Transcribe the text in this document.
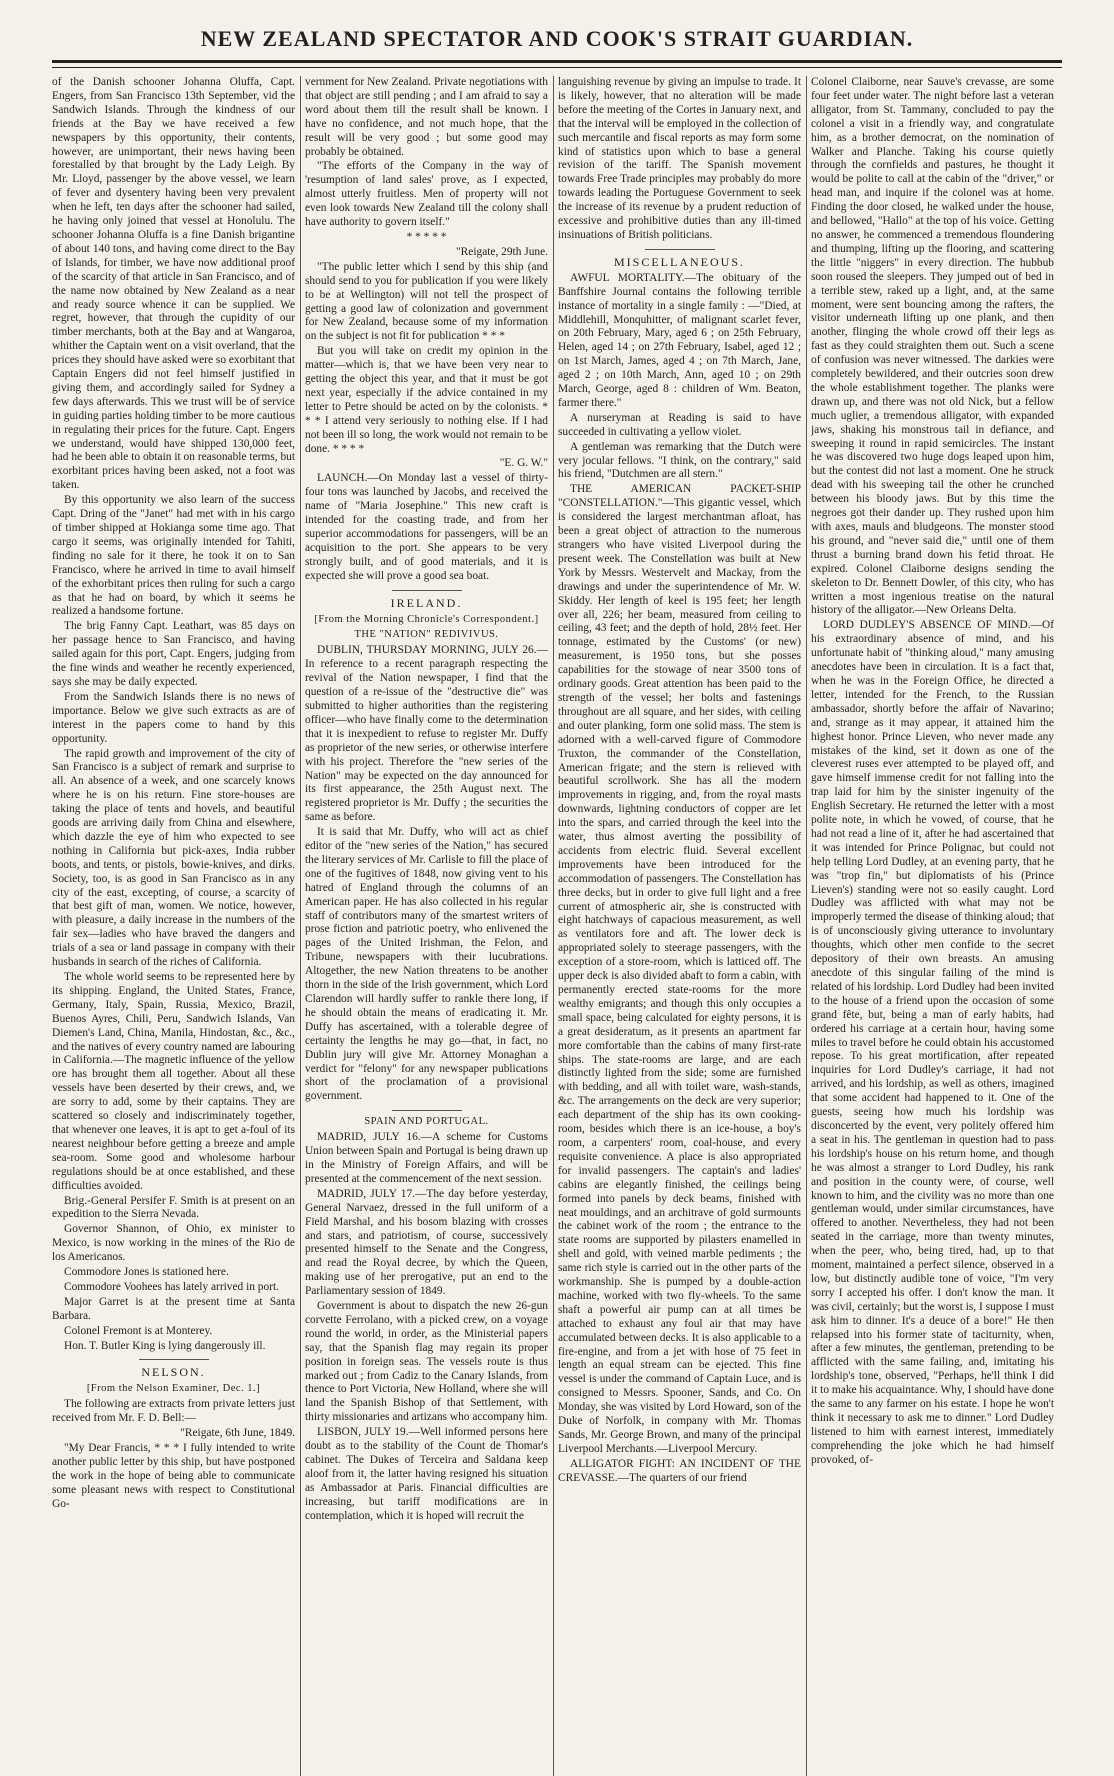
NEW ZEALAND SPECTATOR AND COOK'S STRAIT GUARDIAN.

of the Danish schooner Johanna Oluffa, Capt. Engers, from San Francisco 13th September, vid the Sandwich Islands. Through the kindness of our friends at the Bay we have received a few newspapers by this opportunity, their contents, however, are unimportant, their news having been forestalled by that brought by the Lady Leigh. By Mr. Lloyd, passenger by the above vessel, we learn of fever and dysentery having been very prevalent when he left, ten days after the schooner had sailed, he having only joined that vessel at Honolulu. The schooner Johanna Oluffa is a fine Danish brigantine of about 140 tons, and having come direct to the Bay of Islands, for timber, we have now additional proof of the scarcity of that article in San Francisco, and of the name now obtained by New Zealand as a near and ready source whence it can be supplied. We regret, however, that through the cupidity of our timber merchants, both at the Bay and at Wangaroa, whither the Captain went on a visit overland, that the prices they should have asked were so exorbitant that Captain Engers did not feel himself justified in giving them, and accordingly sailed for Sydney a few days afterwards. This we trust will be of service in guiding parties holding timber to be more cautious in regulating their prices for the future. Capt. Engers we understand, would have shipped 130,000 feet, had he been able to obtain it on reasonable terms, but exorbitant prices having been asked, not a foot was taken.

By this opportunity we also learn of the success Capt. Dring of the "Janet" had met with in his cargo of timber shipped at Hokianga some time ago. That cargo it seems, was originally intended for Tahiti, finding no sale for it there, he took it on to San Francisco, where he arrived in time to avail himself of the exhorbitant prices then ruling for such a cargo as that he had on board, by which it seems he realized a handsome fortune.

The brig Fanny Capt. Leathart, was 85 days on her passage hence to San Francisco, and having sailed again for this port, Capt. Engers, judging from the fine winds and weather he recently experienced, says she may be daily expected.

From the Sandwich Islands there is no news of importance. Below we give such extracts as are of interest in the papers come to hand by this opportunity.

The rapid growth and improvement of the city of San Francisco is a subject of remark and surprise to all. An absence of a week, and one scarcely knows where he is on his return. Fine store-houses are taking the place of tents and hovels, and beautiful goods are arriving daily from China and elsewhere, which dazzle the eye of him who expected to see nothing in California but pick-axes, India rubber boots, and tents, or pistols, bowie-knives, and dirks. Society, too, is as good in San Francisco as in any city of the east, excepting, of course, a scarcity of that best gift of man, women. We notice, however, with pleasure, a daily increase in the numbers of the fair sex—ladies who have braved the dangers and trials of a sea or land passage in company with their husbands in search of the riches of California.

The whole world seems to be represented here by its shipping. England, the United States, France, Germany, Italy, Spain, Russia, Mexico, Brazil, Buenos Ayres, Chili, Peru, Sandwich Islands, Van Diemen's Land, China, Manila, Hindostan, &c., &c., and the natives of every country named are labouring in California.—The magnetic influence of the yellow ore has brought them all together. About all these vessels have been deserted by their crews, and, we are sorry to add, some by their captains. They are scattered so closely and indiscriminately together, that whenever one leaves, it is apt to get a-foul of its nearest neighbour before getting a breeze and ample sea-room. Some good and wholesome harbour regulations should be at once established, and these difficulties avoided.

Brig.-General Persifer F. Smith is at present on an expedition to the Sierra Nevada.

Governor Shannon, of Ohio, ex minister to Mexico, is now working in the mines of the Rio de los Americanos.

Commodore Jones is stationed here.

Commodore Voohees has lately arrived in port.

Major Garret is at the present time at Santa Barbara.

Colonel Fremont is at Monterey.

Hon. T. Butler King is lying dangerously ill.

NELSON.
[From the Nelson Examiner, Dec. 1.]

The following are extracts from private letters just received from Mr. F. D. Bell:—

"Reigate, 6th June, 1849.

"My Dear Francis, * * * I fully intended to write another public letter by this ship, but have postponed the work in the hope of being able to communicate some pleasant news with respect to Constitutional Go-

vernment for New Zealand. Private negotiations with that object are still pending ; and I am afraid to say a word about them till the result shall be known. I have no confidence, and not much hope, that the result will be very good ; but some good may probably be obtained.

"The efforts of the Company in the way of 'resumption of land sales' prove, as I expected, almost utterly fruitless. Men of property will not even look towards New Zealand till the colony shall have authority to govern itself."

* * * * *

"Reigate, 29th June.

"The public letter which I send by this ship (and should send to you for publication if you were likely to be at Wellington) will not tell the prospect of getting a good law of colonization and government for New Zealand, because some of my information on the subject is not fit for publication * * *

But you will take on credit my opinion in the matter—which is, that we have been very near to getting the object this year, and that it must be got next year, especially if the advice contained in my letter to Petre should be acted on by the colonists. * * * I attend very seriously to nothing else. If I had not been ill so long, the work would not remain to be done. * * * *

"E. G. W."

LAUNCH.—On Monday last a vessel of thirty-four tons was launched by Jacobs, and received the name of "Maria Josephine." This new craft is intended for the coasting trade, and from her superior accommodations for passengers, will be an acquisition to the port. She appears to be very strongly built, and of good materials, and it is expected she will prove a good sea boat.

IRELAND.
[From the Morning Chronicle's Correspondent.]
THE "NATION" REDIVIVUS.

DUBLIN, THURSDAY MORNING, JULY 26.—In reference to a recent paragraph respecting the revival of the Nation newspaper, I find that the question of a re-issue of the "destructive die" was submitted to higher authorities than the registering officer—who have finally come to the determination that it is inexpedient to refuse to register Mr. Duffy as proprietor of the new series, or otherwise interfere with his project. Therefore the "new series of the Nation" may be expected on the day announced for its first appearance, the 25th August next. The registered proprietor is Mr. Duffy ; the securities the same as before.

It is said that Mr. Duffy, who will act as chief editor of the "new series of the Nation," has secured the literary services of Mr. Carlisle to fill the place of one of the fugitives of 1848, now giving vent to his hatred of England through the columns of an American paper. He has also collected in his regular staff of contributors many of the smartest writers of prose fiction and patriotic poetry, who enlivened the pages of the United Irishman, the Felon, and Tribune, newspapers with their lucubrations. Altogether, the new Nation threatens to be another thorn in the side of the Irish government, which Lord Clarendon will hardly suffer to rankle there long, if he should obtain the means of eradicating it. Mr. Duffy has ascertained, with a tolerable degree of certainty the lengths he may go—that, in fact, no Dublin jury will give Mr. Attorney Monaghan a verdict for "felony" for any newspaper publications short of the proclamation of a provisional government.

SPAIN AND PORTUGAL.

MADRID, JULY 16.—A scheme for Customs Union between Spain and Portugal is being drawn up in the Ministry of Foreign Affairs, and will be presented at the commencement of the next session.

MADRID, JULY 17.—The day before yesterday, General Narvaez, dressed in the full uniform of a Field Marshal, and his bosom blazing with crosses and stars, and patriotism, of course, successively presented himself to the Senate and the Congress, and read the Royal decree, by which the Queen, making use of her prerogative, put an end to the Parliamentary session of 1849.

Government is about to dispatch the new 26-gun corvette Ferrolano, with a picked crew, on a voyage round the world, in order, as the Ministerial papers say, that the Spanish flag may regain its proper position in foreign seas. The vessels route is thus marked out ; from Cadiz to the Canary Islands, from thence to Port Victoria, New Holland, where she will land the Spanish Bishop of that Settlement, with thirty missionaries and artizans who accompany him.

LISBON, JULY 19.—Well informed persons here doubt as to the stability of the Count de Thomar's cabinet. The Dukes of Terceira and Saldana keep aloof from it, the latter having resigned his situation as Ambassador at Paris. Financial difficulties are increasing, but tariff modifications are in contemplation, which it is hoped will recruit the

languishing revenue by giving an impulse to trade. It is likely, however, that no alteration will be made before the meeting of the Cortes in January next, and that the interval will be employed in the collection of such mercantile and fiscal reports as may form some kind of statistics upon which to base a general revision of the tariff. The Spanish movement towards Free Trade principles may probably do more towards leading the Portuguese Government to seek the increase of its revenue by a prudent reduction of excessive and prohibitive duties than any ill-timed insinuations of British politicians.

MISCELLANEOUS.

AWFUL MORTALITY.—The obituary of the Banffshire Journal contains the following terrible instance of mortality in a single family : —"Died, at Middlehill, Monquhitter, of malignant scarlet fever, on 20th February, Mary, aged 6 ; on 25th February, Helen, aged 14 ; on 27th February, Isabel, aged 12 ; on 1st March, James, aged 4 ; on 7th March, Jane, aged 2 ; on 10th March, Ann, aged 10 ; on 29th March, George, aged 8 : children of Wm. Beaton, farmer there."

A nurseryman at Reading is said to have succeeded in cultivating a yellow violet.

A gentleman was remarking that the Dutch were very jocular fellows. "I think, on the contrary," said his friend, "Dutchmen are all stern."

THE AMERICAN PACKET-SHIP "CONSTELLATION."—This gigantic vessel, which is considered the largest merchantman afloat, has been a great object of attraction to the numerous strangers who have visited Liverpool during the present week. The Constellation was built at New York by Messrs. Westervelt and Mackay, from the drawings and under the superintendence of Mr. W. Skiddy. Her length of keel is 195 feet; her length over all, 226; her beam, measured from ceiling to ceiling, 43 feet; and the depth of hold, 28½ feet. Her tonnage, estimated by the Customs' (or new) measurement, is 1950 tons, but she posses capabilities for the stowage of near 3500 tons of ordinary goods. Great attention has been paid to the strength of the vessel; her bolts and fastenings throughout are all square, and her sides, with ceiling and outer planking, form one solid mass. The stem is adorned with a well-carved figure of Commodore Truxton, the commander of the Constellation, American frigate; and the stern is relieved with beautiful scrollwork. She has all the modern improvements in rigging, and, from the royal masts downwards, lightning conductors of copper are let into the spars, and carried through the keel into the water, thus almost averting the possibility of accidents from electric fluid. Several excellent improvements have been introduced for the accommodation of passengers. The Constellation has three decks, but in order to give full light and a free current of atmospheric air, she is constructed with eight hatchways of capacious measurement, as well as ventilators fore and aft. The lower deck is appropriated solely to steerage passengers, with the exception of a store-room, which is latticed off. The upper deck is also divided abaft to form a cabin, with permanently erected state-rooms for the more wealthy emigrants; and though this only occupies a small space, being calculated for eighty persons, it is a great desideratum, as it presents an apartment far more comfortable than the cabins of many first-rate ships. The state-rooms are large, and are each distinctly lighted from the side; some are furnished with bedding, and all with toilet ware, wash-stands, &c. The arrangements on the deck are very superior; each department of the ship has its own cooking-room, besides which there is an ice-house, a boy's room, a carpenters' room, coal-house, and every requisite convenience. A place is also appropriated for invalid passengers. The captain's and ladies' cabins are elegantly finished, the ceilings being formed into panels by deck beams, finished with neat mouldings, and an architrave of gold surmounts the cabinet work of the room ; the entrance to the state rooms are supported by pilasters enamelled in shell and gold, with veined marble pediments ; the same rich style is carried out in the other parts of the workmanship. She is pumped by a double-action machine, worked with two fly-wheels. To the same shaft a powerful air pump can at all times be attached to exhaust any foul air that may have accumulated between decks. It is also applicable to a fire-engine, and from a jet with hose of 75 feet in length an equal stream can be ejected. This fine vessel is under the command of Captain Luce, and is consigned to Messrs. Spooner, Sands, and Co. On Monday, she was visited by Lord Howard, son of the Duke of Norfolk, in company with Mr. Thomas Sands, Mr. George Brown, and many of the principal Liverpool Merchants.—Liverpool Mercury.

ALLIGATOR FIGHT: AN INCIDENT OF THE CREVASSE.—The quarters of our friend

Colonel Claiborne, near Sauve's crevasse, are some four feet under water. The night before last a veteran alligator, from St. Tammany, concluded to pay the colonel a visit in a friendly way, and congratulate him, as a brother democrat, on the nomination of Walker and Planche. Taking his course quietly through the cornfields and pastures, he thought it would be polite to call at the cabin of the "driver," or head man, and inquire if the colonel was at home. Finding the door closed, he walked under the house, and bellowed, "Hallo" at the top of his voice. Getting no answer, he commenced a tremendous floundering and thumping, lifting up the flooring, and scattering the little "niggers" in every direction. The hubbub soon roused the sleepers. They jumped out of bed in a terrible stew, raked up a light, and, at the same moment, were sent bouncing among the rafters, the visitor underneath lifting up one plank, and then another, flinging the whole crowd off their legs as fast as they could straighten them out. Such a scene of confusion was never witnessed. The darkies were completely bewildered, and their outcries soon drew the whole establishment together. The planks were drawn up, and there was not old Nick, but a fellow much uglier, a tremendous alligator, with expanded jaws, shaking his monstrous tail in defiance, and sweeping it round in rapid semicircles. The instant he was discovered two huge dogs leaped upon him, but the contest did not last a moment. One he struck dead with his sweeping tail the other he crunched between his bloody jaws. But by this time the negroes got their dander up. They rushed upon him with axes, mauls and bludgeons. The monster stood his ground, and "never said die," until one of them thrust a burning brand down his fetid throat. He expired. Colonel Claiborne designs sending the skeleton to Dr. Bennett Dowler, of this city, who has written a most ingenious treatise on the natural history of the alligator.—New Orleans Delta.

LORD DUDLEY'S ABSENCE OF MIND.—Of his extraordinary absence of mind, and his unfortunate habit of "thinking aloud," many amusing anecdotes have been in circulation. It is a fact that, when he was in the Foreign Office, he directed a letter, intended for the French, to the Russian ambassador, shortly before the affair of Navarino; and, strange as it may appear, it attained him the highest honor. Prince Lieven, who never made any mistakes of the kind, set it down as one of the cleverest ruses ever attempted to be played off, and gave himself immense credit for not falling into the trap laid for him by the sinister ingenuity of the English Secretary. He returned the letter with a most polite note, in which he vowed, of course, that he had not read a line of it, after he had ascertained that it was intended for Prince Polignac, but could not help telling Lord Dudley, at an evening party, that he was "trop fin," but diplomatists of his (Prince Lieven's) standing were not so easily caught. Lord Dudley was afflicted with what may not be improperly termed the disease of thinking aloud; that is of unconsciously giving utterance to involuntary thoughts, which other men confide to the secret depository of their own breasts. An amusing anecdote of this singular failing of the mind is related of his lordship. Lord Dudley had been invited to the house of a friend upon the occasion of some grand fête, but, being a man of early habits, had ordered his carriage at a certain hour, having some miles to travel before he could obtain his accustomed repose. To his great mortification, after repeated inquiries for Lord Dudley's carriage, it had not arrived, and his lordship, as well as others, imagined that some accident had happened to it. One of the guests, seeing how much his lordship was disconcerted by the event, very politely offered him a seat in his. The gentleman in question had to pass his lordship's house on his return home, and though he was almost a stranger to Lord Dudley, his rank and position in the county were, of course, well known to him, and the civility was no more than one gentleman would, under similar circumstances, have offered to another. Nevertheless, they had not been seated in the carriage, more than twenty minutes, when the peer, who, being tired, had, up to that moment, maintained a perfect silence, observed in a low, but distinctly audible tone of voice, "I'm very sorry I accepted his offer. I don't know the man. It was civil, certainly; but the worst is, I suppose I must ask him to dinner. It's a deuce of a bore!" He then relapsed into his former state of taciturnity, when, after a few minutes, the gentleman, pretending to be afflicted with the same failing, and, imitating his lordship's tone, observed, "Perhaps, he'll think I did it to make his acquaintance. Why, I should have done the same to any farmer on his estate. I hope he won't think it necessary to ask me to dinner." Lord Dudley listened to him with earnest interest, immediately comprehending the joke which he had himself provoked, of-
